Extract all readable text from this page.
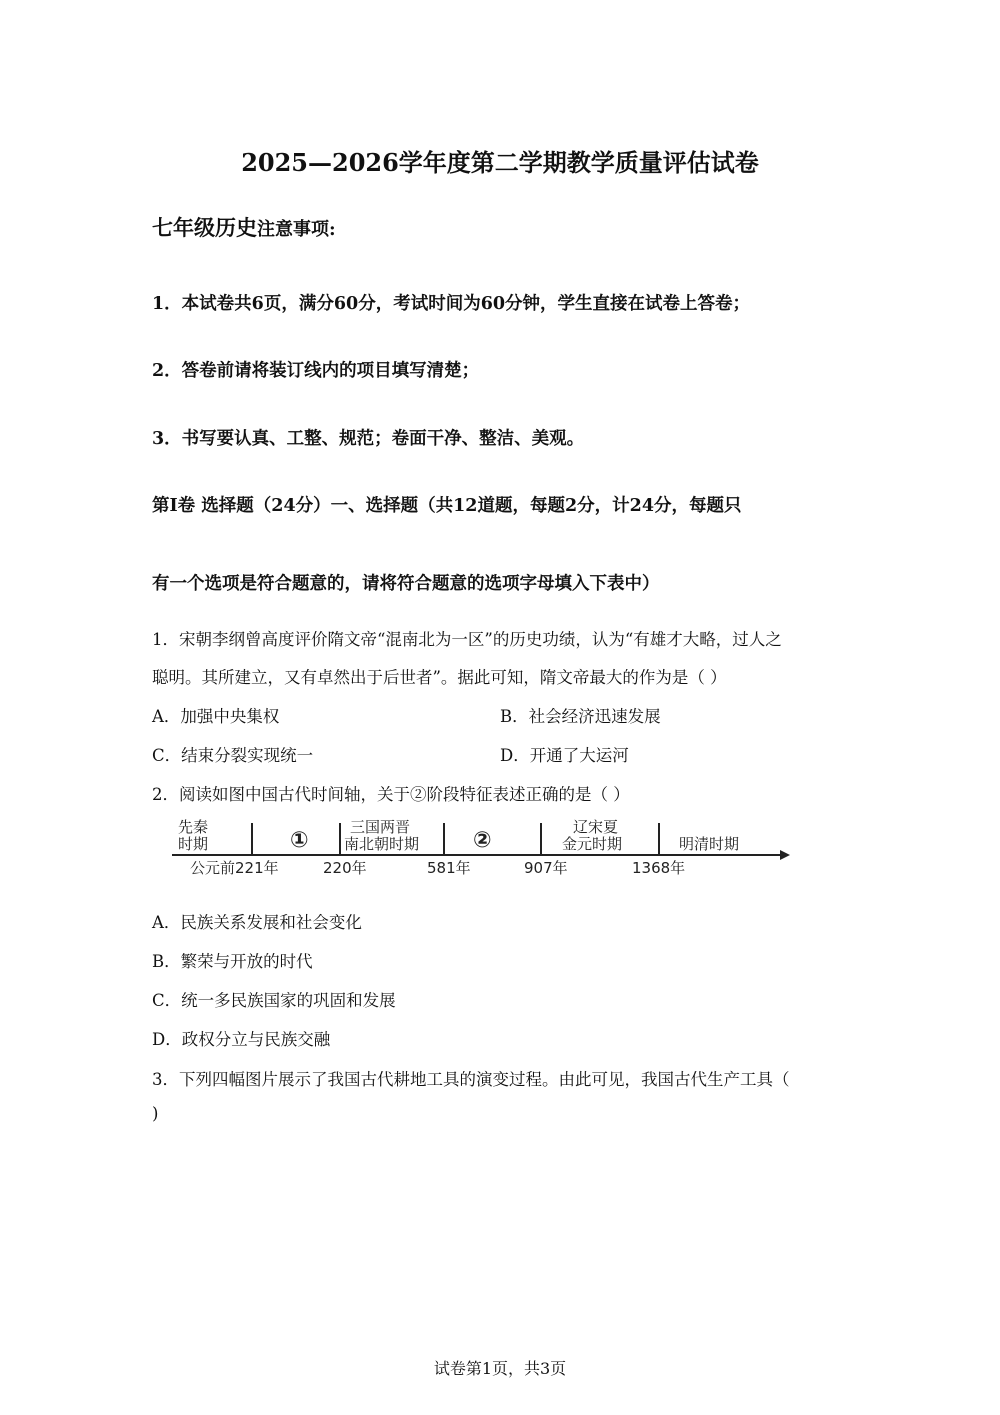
2025—2026学年度第二学期教学质量评估试卷
七年级历史注意事项:
1．本试卷共6页，满分60分，考试时间为60分钟，学生直接在试卷上答卷；
2．答卷前请将装订线内的项目填写清楚；
3．书写要认真、工整、规范；卷面干净、整洁、美观。
第Ⅰ卷 选择题（24分）一、选择题（共12道题，每题2分，计24分，每题只
有一个选项是符合题意的，请将符合题意的选项字母填入下表中）
1．宋朝李纲曾高度评价隋文帝“混南北为一区”的历史功绩，认为“有雄才大略，过人之
聪明。其所建立，又有卓然出于后世者”。据此可知，隋文帝最大的作为是（ ）
A．加强中央集权	B．社会经济迅速发展
C．结束分裂实现统一	D．开通了大运河
2．阅读如图中国古代时间轴，关于②阶段特征表述正确的是（ ）
先秦
时期	①
三国两晋
南北朝时期 ②
辽宋夏
金元时期	明清时期
公元前221年	220年	581年	907年	1368年
A．民族关系发展和社会变化
B．繁荣与开放的时代
C．统一多民族国家的巩固和发展
D．政权分立与民族交融
3．下列四幅图片展示了我国古代耕地工具的演变过程。由此可见，我国古代生产工具（
)
试卷第1页，共3页
